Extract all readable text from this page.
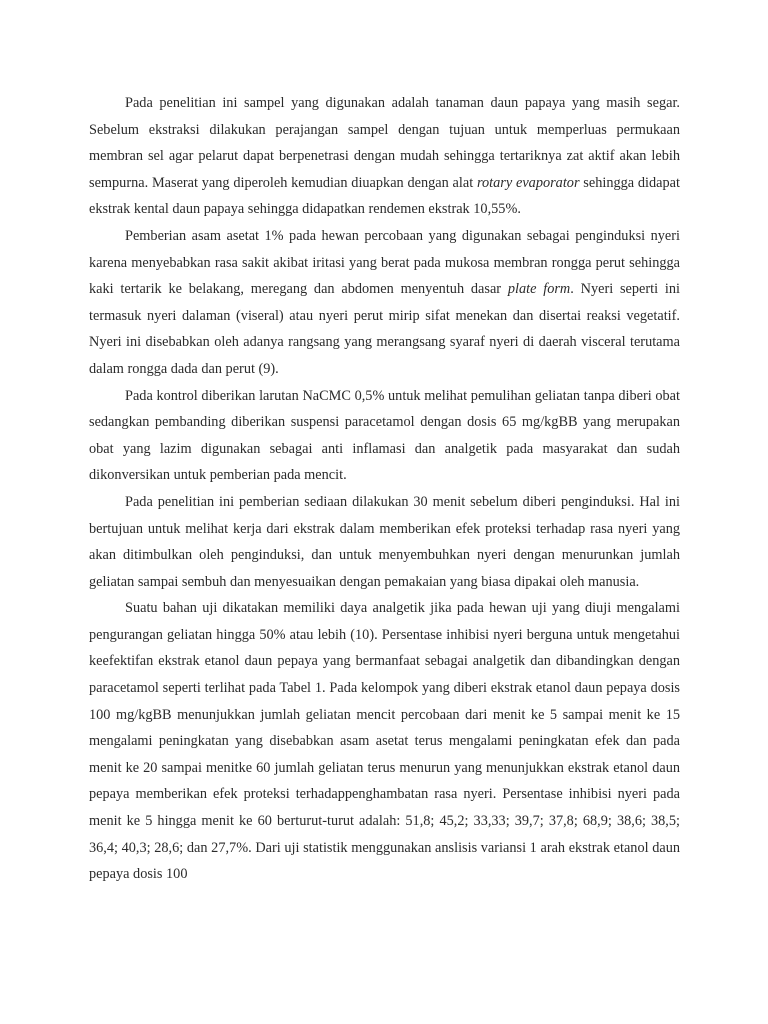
Pada penelitian ini sampel yang digunakan adalah tanaman daun papaya yang masih segar. Sebelum ekstraksi dilakukan perajangan sampel dengan tujuan untuk memperluas permukaan membran sel agar pelarut dapat berpenetrasi dengan mudah sehingga tertariknya zat aktif akan lebih sempurna. Maserat yang diperoleh kemudian diuapkan dengan alat rotary evaporator sehingga didapat ekstrak kental daun papaya sehingga didapatkan rendemen ekstrak 10,55%.

Pemberian asam asetat 1% pada hewan percobaan yang digunakan sebagai penginduksi nyeri karena menyebabkan rasa sakit akibat iritasi yang berat pada mukosa membran rongga perut sehingga kaki tertarik ke belakang, meregang dan abdomen menyentuh dasar plate form. Nyeri seperti ini termasuk nyeri dalaman (viseral) atau nyeri perut mirip sifat menekan dan disertai reaksi vegetatif. Nyeri ini disebabkan oleh adanya rangsang yang merangsang syaraf nyeri di daerah visceral terutama dalam rongga dada dan perut (9).

Pada kontrol diberikan larutan NaCMC 0,5% untuk melihat pemulihan geliatan tanpa diberi obat sedangkan pembanding diberikan suspensi paracetamol dengan dosis 65 mg/kgBB yang merupakan obat yang lazim digunakan sebagai anti inflamasi dan analgetik pada masyarakat dan sudah dikonversikan untuk pemberian pada mencit.

Pada penelitian ini pemberian sediaan dilakukan 30 menit sebelum diberi penginduksi. Hal ini bertujuan untuk melihat kerja dari ekstrak dalam memberikan efek proteksi terhadap rasa nyeri yang akan ditimbulkan oleh penginduksi, dan untuk menyembuhkan nyeri dengan menurunkan jumlah geliatan sampai sembuh dan menyesuaikan dengan pemakaian yang biasa dipakai oleh manusia.

Suatu bahan uji dikatakan memiliki daya analgetik jika pada hewan uji yang diuji mengalami pengurangan geliatan hingga 50% atau lebih (10). Persentase inhibisi nyeri berguna untuk mengetahui keefektifan ekstrak etanol daun pepaya yang bermanfaat sebagai analgetik dan dibandingkan dengan paracetamol seperti terlihat pada Tabel 1. Pada kelompok yang diberi ekstrak etanol daun pepaya dosis 100 mg/kgBB menunjukkan jumlah geliatan mencit percobaan dari menit ke 5 sampai menit ke 15 mengalami peningkatan yang disebabkan asam asetat terus mengalami peningkatan efek dan pada menit ke 20 sampai menitke 60 jumlah geliatan terus menurun yang menunjukkan ekstrak etanol daun pepaya memberikan efek proteksi terhadappenghambatan rasa nyeri. Persentase inhibisi nyeri pada menit ke 5 hingga menit ke 60 berturut-turut adalah: 51,8; 45,2; 33,33; 39,7; 37,8; 68,9; 38,6; 38,5; 36,4; 40,3; 28,6; dan 27,7%. Dari uji statistik menggunakan anslisis variansi 1 arah ekstrak etanol daun pepaya dosis 100
